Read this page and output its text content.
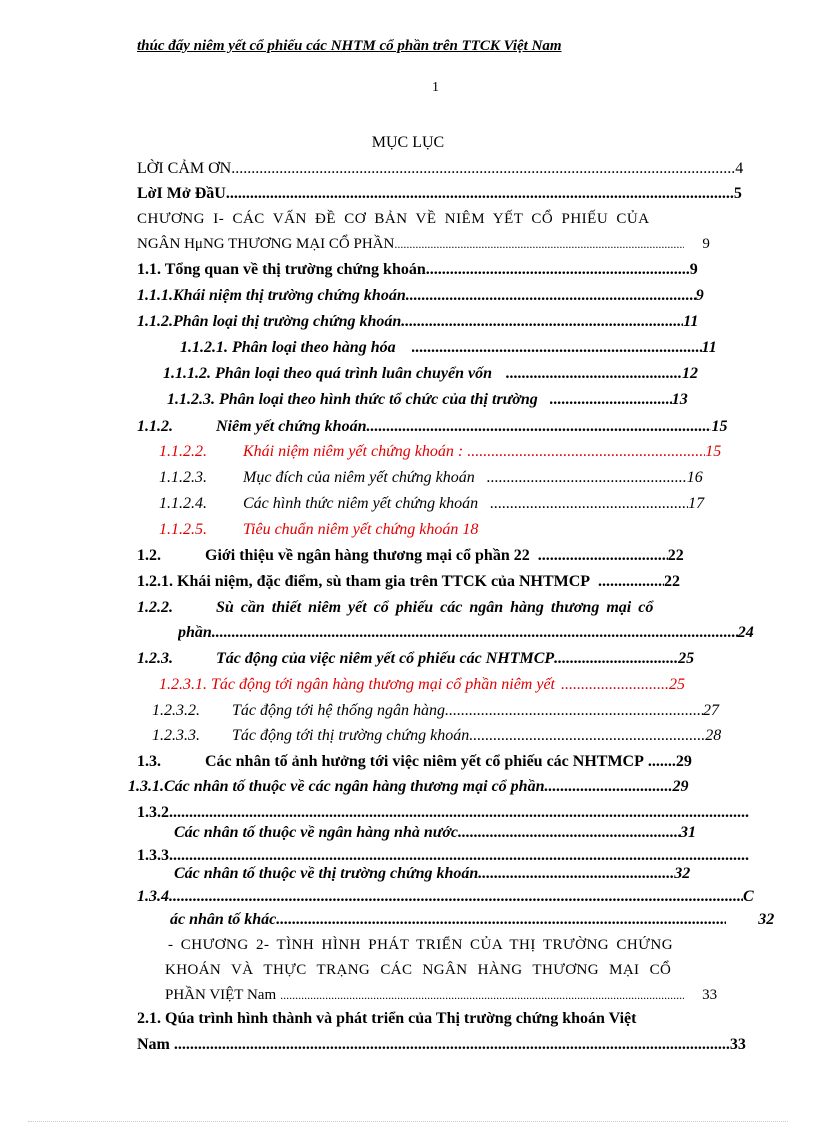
thúc đẩy niêm yết cổ phiếu các NHTM cổ phần trên TTCK Việt Nam
1
MỤC LỤC
LỜI CẢM ƠN .....	4
LờI Mở ĐầU .....	5
CHƯƠNG I- CÁC VẤN ĐỀ CƠ BẢN VỀ NIÊM YẾT CỔ PHIẾU CỦA
NGÂN HμNG THƯƠNG MẠI CỔ PHẦN .....	9
1.1. Tổng quan về thị trường chứng khoán .....	9
1.1.1.Khái niệm thị trường chứng khoán .....	9
1.1.2.Phân loại thị trường chứng khoán .....	11
1.1.2.1. Phân loại theo hàng hóa .....	11
1.1.1.2. Phân loại theo quá trình luân chuyển vốn .....	12
1.1.2.3. Phân loại theo hình thức tổ chức của thị trường .....	13
1.1.2.	Niêm yết chứng khoán .....	15
1.1.2.2. Khái niệm niêm yết chứng khoán : .....	15
1.1.2.3. Mục đích của niêm yết chứng khoán .....	16
1.1.2.4. Các hình thức niêm yết chứng khoán .....	17
1.1.2.5. Tiêu chuẩn niêm yết chứng khoán 18
1.2.	Giới thiệu về ngân hàng thương mại cổ phần 22 .....	22
1.2.1. Khái niệm, đặc điểm, sù tham gia trên TTCK của NHTMCP .....	22
1.2.2.	Sù cần thiết niêm yết cổ phiếu các ngân hàng thương mại cổ
phần .....	24
1.2.3.	Tác động của việc niêm yết cổ phiếu các NHTMCP .....	25
1.2.3.1. Tác động tới ngân hàng thương mại cổ phần niêm yết .....	25
1.2.3.2. Tác động tới hệ thống ngân hàng .....	27
1.2.3.3. Tác động tới thị trường chứng khoán .....	28
1.3.	Các nhân tố ảnh hưởng tới việc niêm yết cổ phiếu các NHTMCP ..... 29
1.3.1.Các nhân tố thuộc về các ngân hàng thương mại cổ phần .....	29
1.3.2......
Các nhân tố thuộc về ngân hàng nhà nước .....	31
1.3.3......
Các nhân tố thuộc về thị trường chứng khoán .....	32
1.3.4. .....	C
ác nhân tố khác .....	32
- CHƯƠNG 2- TÌNH HÌNH PHÁT TRIỂN CỦA THỊ TRƯỜNG CHỨNG
KHOÁN VÀ THỰC TRẠNG CÁC NGÂN HÀNG THƯƠNG MẠI CỔ
PHẦN VIỆT Nam .....	33
2.1. Qúa trình hình thành và phát triển của Thị trường chứng khoán Việt
Nam .....	33
